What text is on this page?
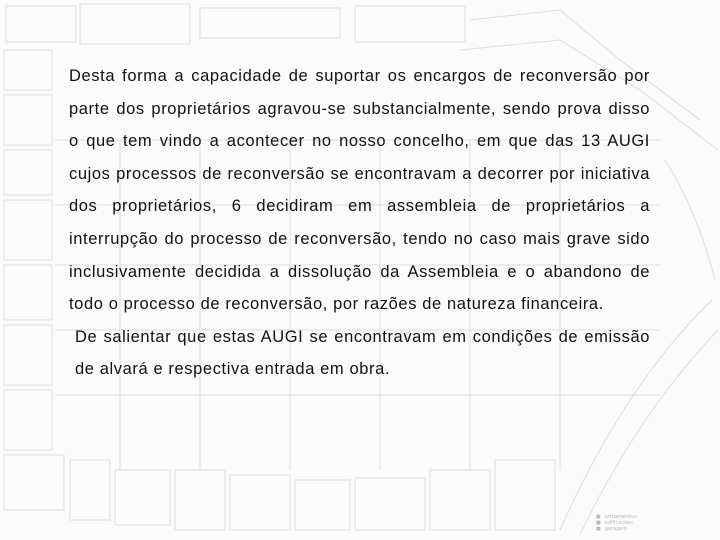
Desta forma a capacidade de suportar os encargos de reconversão por parte dos proprietários agravou-se substancialmente, sendo prova disso o que tem vindo a acontecer no nosso concelho, em que das 13 AUGI cujos processos de reconversão se encontravam a decorrer por iniciativa dos proprietários, 6 decidiram em assembleia de proprietários a interrupção do processo de reconversão, tendo no caso mais grave sido inclusivamente decidida a dissolução da Assembleia e o abandono de todo o processo de reconversão, por razões de natureza financeira.

De salientar que estas AUGI se encontravam em condições de emissão de alvará e respectiva entrada em obra.

■ arruamentos
■ edificações
■ garagem
